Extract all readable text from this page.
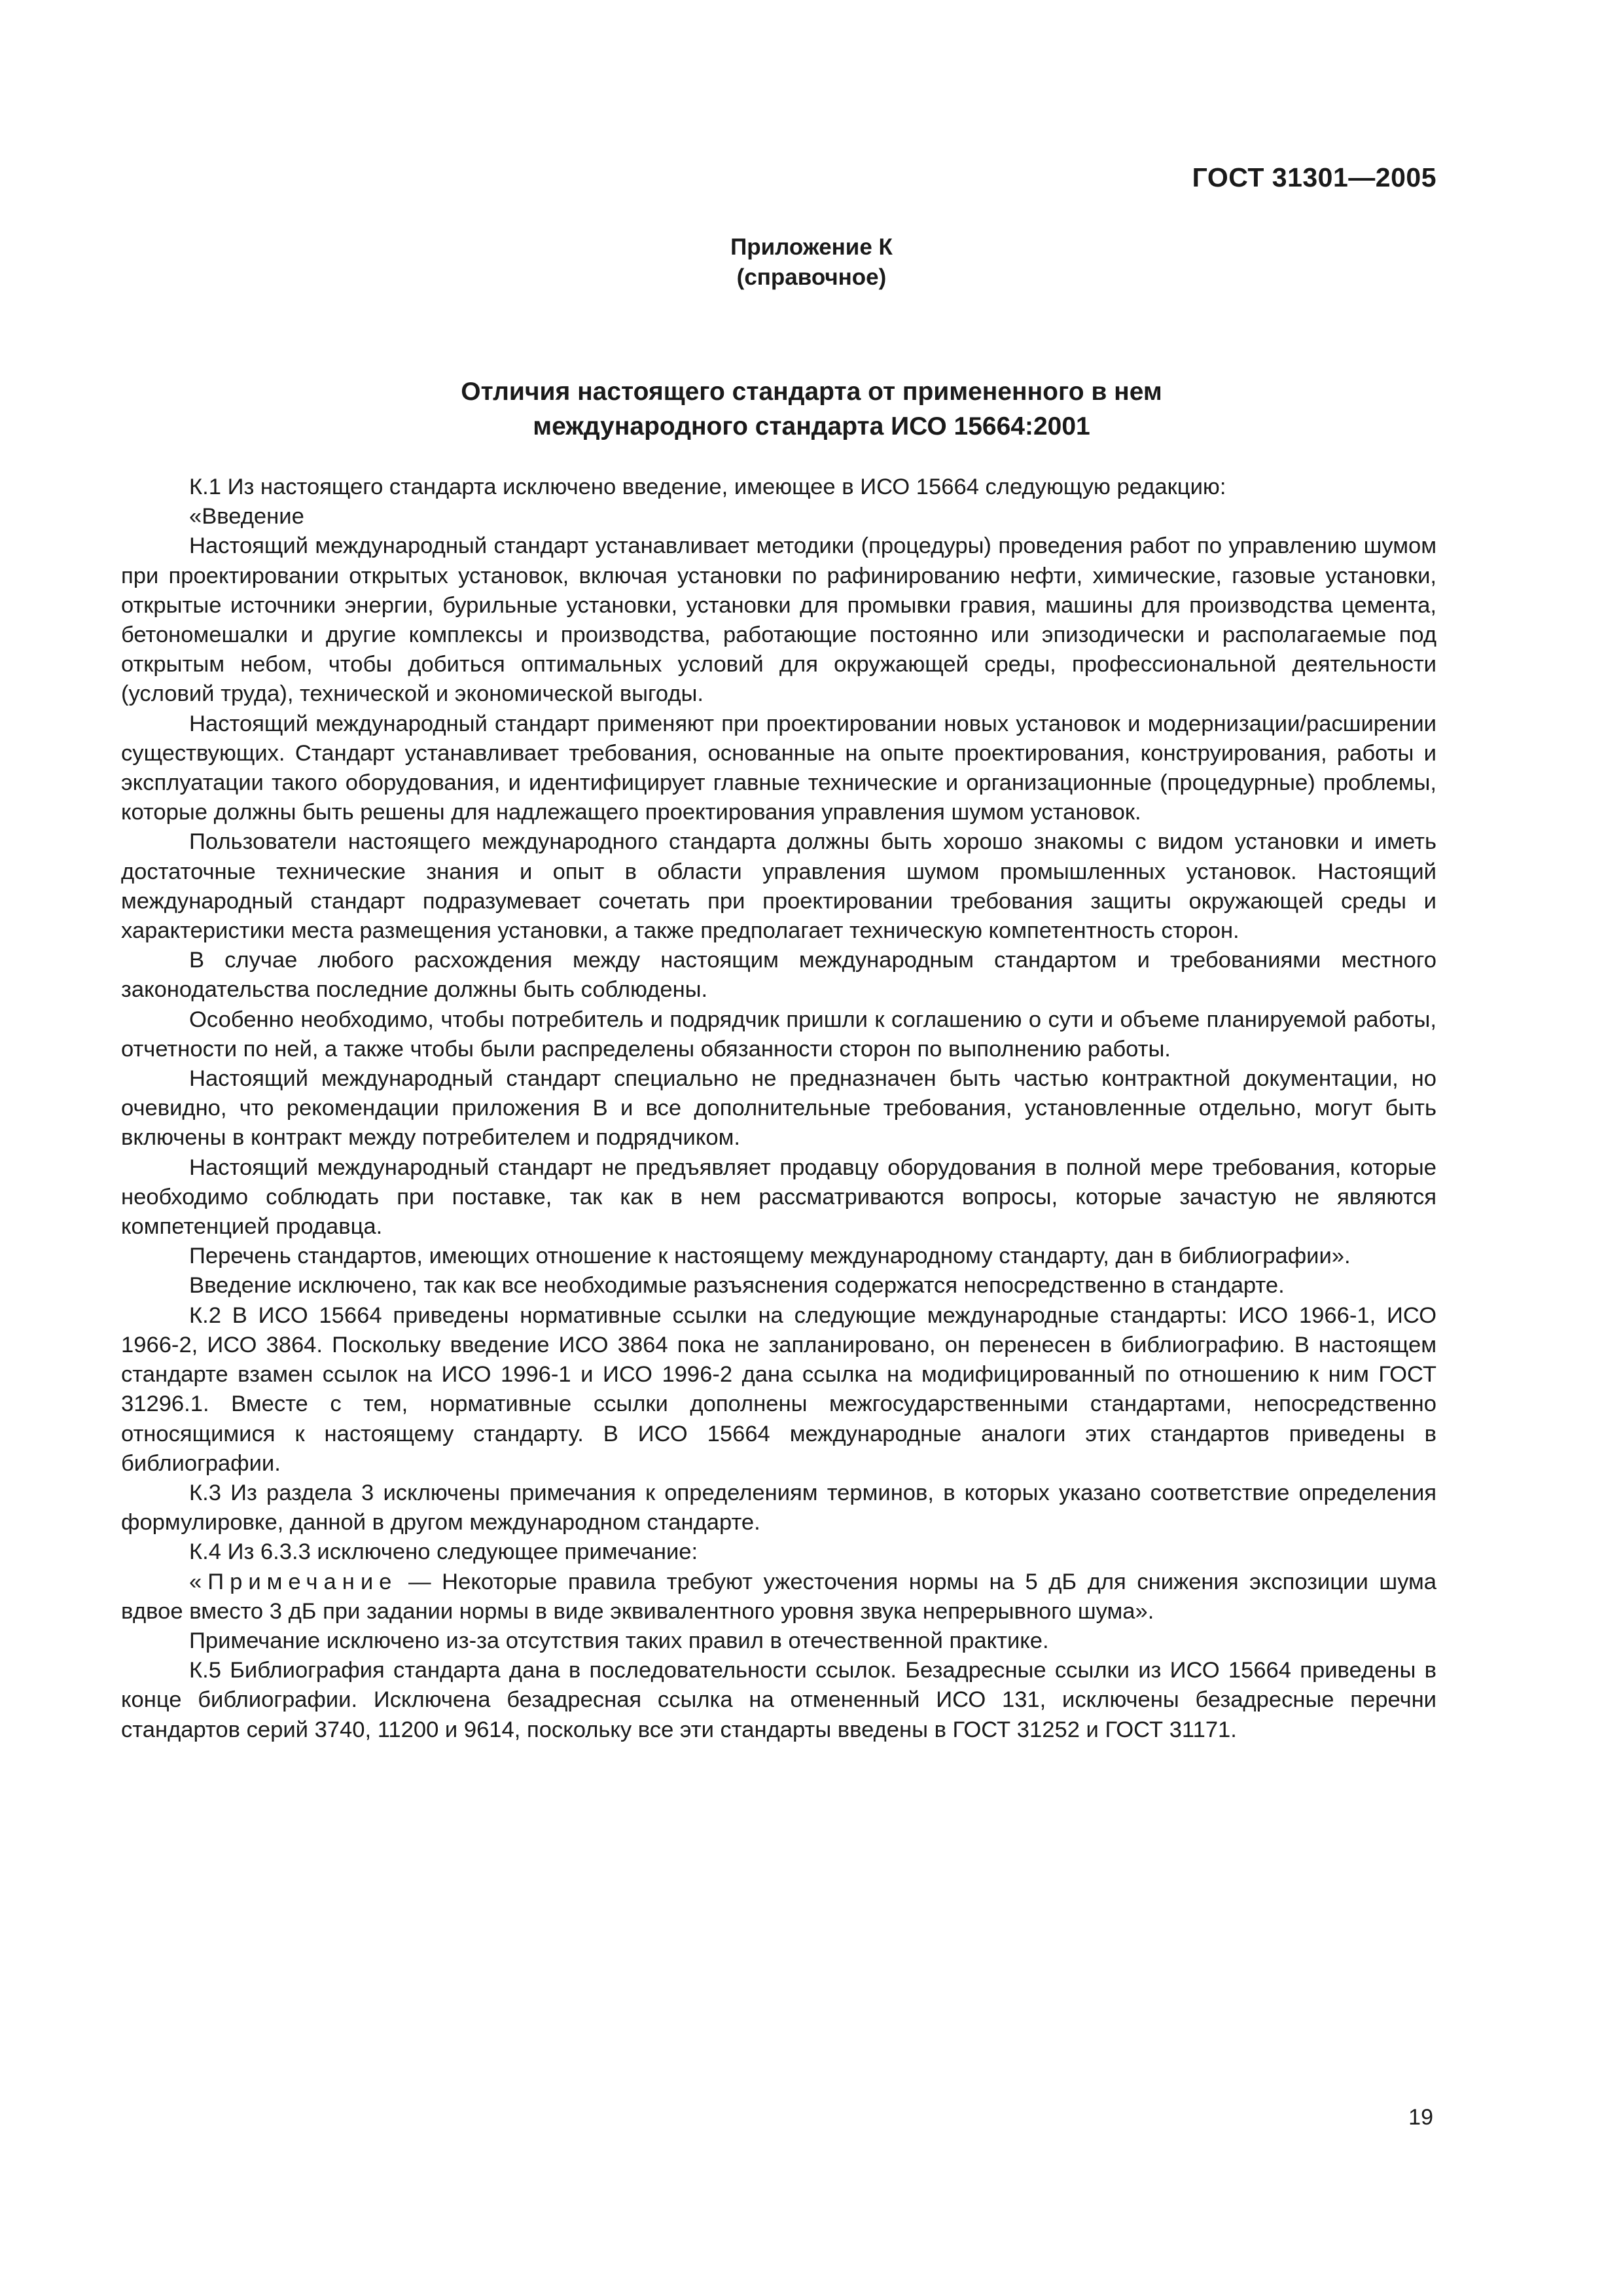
ГОСТ 31301—2005
Приложение К
(справочное)
Отличия настоящего стандарта от примененного в нем
международного стандарта ИСО 15664:2001

К.1 Из настоящего стандарта исключено введение, имеющее в ИСО 15664 следующую редакцию:

«Введение

Настоящий международный стандарт устанавливает методики (процедуры) проведения работ по управлению шумом при проектировании открытых установок, включая установки по рафинированию нефти, химические, газовые установки, открытые источники энергии, бурильные установки, установки для промывки гравия, машины для производства цемента, бетономешалки и другие комплексы и производства, работающие постоянно или эпизодически и располагаемые под открытым небом, чтобы добиться оптимальных условий для окружающей среды, профессиональной деятельности (условий труда), технической и экономической выгоды.

Настоящий международный стандарт применяют при проектировании новых установок и модернизации/расширении существующих. Стандарт устанавливает требования, основанные на опыте проектирования, конструирования, работы и эксплуатации такого оборудования, и идентифицирует главные технические и организационные (процедурные) проблемы, которые должны быть решены для надлежащего проектирования управления шумом установок.

Пользователи настоящего международного стандарта должны быть хорошо знакомы с видом установки и иметь достаточные технические знания и опыт в области управления шумом промышленных установок. Настоящий международный стандарт подразумевает сочетать при проектировании требования защиты окружающей среды и характеристики места размещения установки, а также предполагает техническую компетентность сторон.

В случае любого расхождения между настоящим международным стандартом и требованиями местного законодательства последние должны быть соблюдены.

Особенно необходимо, чтобы потребитель и подрядчик пришли к соглашению о сути и объеме планируемой работы, отчетности по ней, а также чтобы были распределены обязанности сторон по выполнению работы.

Настоящий международный стандарт специально не предназначен быть частью контрактной документации, но очевидно, что рекомендации приложения В и все дополнительные требования, установленные отдельно, могут быть включены в контракт между потребителем и подрядчиком.

Настоящий международный стандарт не предъявляет продавцу оборудования в полной мере требования, которые необходимо соблюдать при поставке, так как в нем рассматриваются вопросы, которые зачастую не являются компетенцией продавца.

Перечень стандартов, имеющих отношение к настоящему международному стандарту, дан в библиографии».

Введение исключено, так как все необходимые разъяснения содержатся непосредственно в стандарте.

К.2 В ИСО 15664 приведены нормативные ссылки на следующие международные стандарты: ИСО 1966-1, ИСО 1966-2, ИСО 3864. Поскольку введение ИСО 3864 пока не запланировано, он перенесен в библиографию. В настоящем стандарте взамен ссылок на ИСО 1996-1 и ИСО 1996-2 дана ссылка на модифицированный по отношению к ним ГОСТ 31296.1. Вместе с тем, нормативные ссылки дополнены межгосударственными стандартами, непосредственно относящимися к настоящему стандарту. В ИСО 15664 международные аналоги этих стандартов приведены в библиографии.

К.3 Из раздела 3 исключены примечания к определениям терминов, в которых указано соответствие определения формулировке, данной в другом международном стандарте.

К.4 Из 6.3.3 исключено следующее примечание:

«Примечание — Некоторые правила требуют ужесточения нормы на 5 дБ для снижения экспозиции шума вдвое вместо 3 дБ при задании нормы в виде эквивалентного уровня звука непрерывного шума».

Примечание исключено из-за отсутствия таких правил в отечественной практике.

К.5 Библиография стандарта дана в последовательности ссылок. Безадресные ссылки из ИСО 15664 приведены в конце библиографии. Исключена безадресная ссылка на отмененный ИСО 131, исключены безадресные перечни стандартов серий 3740, 11200 и 9614, поскольку все эти стандарты введены в ГОСТ 31252 и ГОСТ 31171.

19
